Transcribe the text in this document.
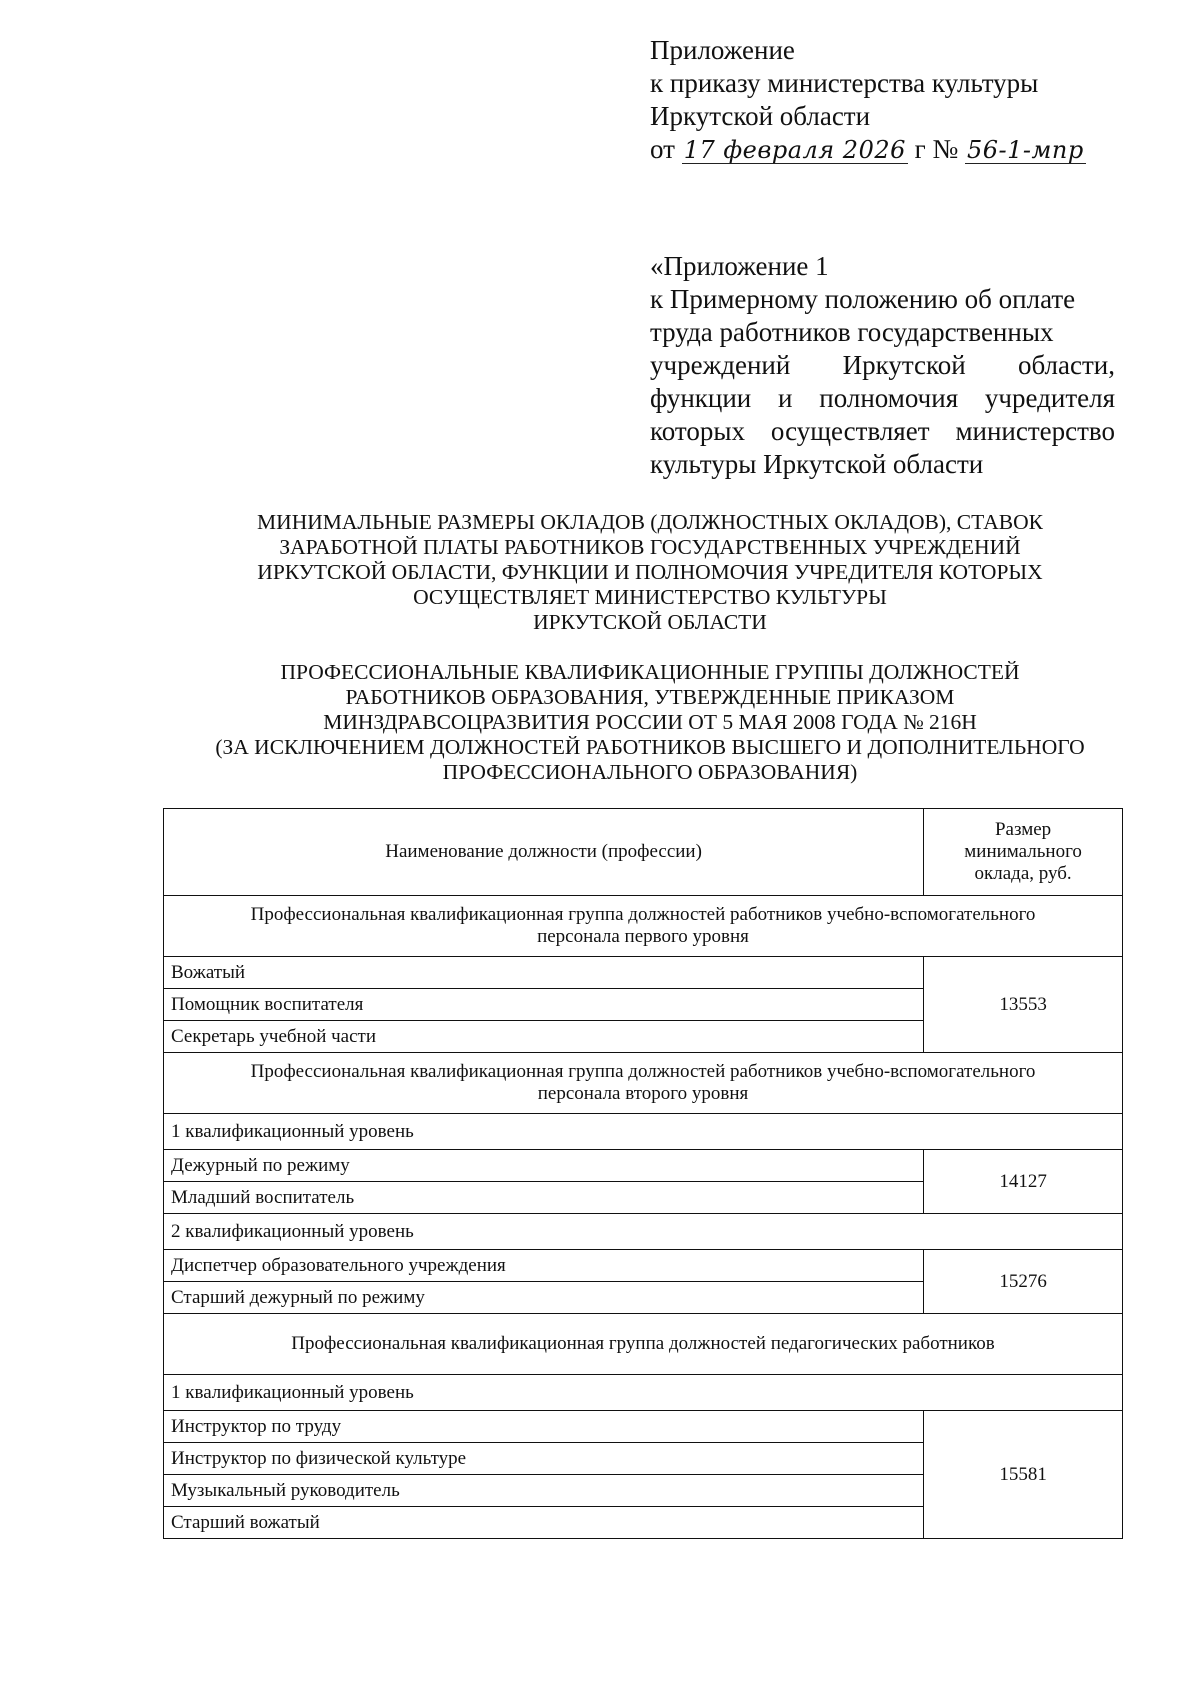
Приложение
к приказу министерства культуры
Иркутской области
от 17 февраля 2026 г № 56-1-мпр
«Приложение 1
к Примерному положению об оплате
труда работников государственных
учреждений Иркутской области,
функции и полномочия учредителя
которых осуществляет министерство
культуры Иркутской области
МИНИМАЛЬНЫЕ РАЗМЕРЫ ОКЛАДОВ (ДОЛЖНОСТНЫХ ОКЛАДОВ), СТАВОК
ЗАРАБОТНОЙ ПЛАТЫ РАБОТНИКОВ ГОСУДАРСТВЕННЫХ УЧРЕЖДЕНИЙ
ИРКУТСКОЙ ОБЛАСТИ, ФУНКЦИИ И ПОЛНОМОЧИЯ УЧРЕДИТЕЛЯ КОТОРЫХ
ОСУЩЕСТВЛЯЕТ МИНИСТЕРСТВО КУЛЬТУРЫ
ИРКУТСКОЙ ОБЛАСТИ
ПРОФЕССИОНАЛЬНЫЕ КВАЛИФИКАЦИОННЫЕ ГРУППЫ ДОЛЖНОСТЕЙ
РАБОТНИКОВ ОБРАЗОВАНИЯ, УТВЕРЖДЕННЫЕ ПРИКАЗОМ
МИНЗДРАВСОЦРАЗВИТИЯ РОССИИ ОТ 5 МАЯ 2008 ГОДА № 216Н
(ЗА ИСКЛЮЧЕНИЕМ ДОЛЖНОСТЕЙ РАБОТНИКОВ ВЫСШЕГО И ДОПОЛНИТЕЛЬНОГО
ПРОФЕССИОНАЛЬНОГО ОБРАЗОВАНИЯ)
Наименование должности (профессии)	Размер
минимального
оклада, руб.

Профессиональная квалификационная группа должностей работников учебно-вспомогательного
персонала первого уровня	

Вожатый	13553
Помощник воспитателя	
Секретарь учебной части	

Профессиональная квалификационная группа должностей работников учебно-вспомогательного
персонала второго уровня	

1 квалификационный уровень	
Дежурный по режиму	14127
Младший воспитатель	
2 квалификационный уровень	
Диспетчер образовательного учреждения	15276
Старший дежурный по режиму	
Профессиональная квалификационная группа должностей педагогических работников	
1 квалификационный уровень	
Инструктор по труду	15581
Инструктор по физической культуре	
Музыкальный руководитель	
Старший вожатый	
